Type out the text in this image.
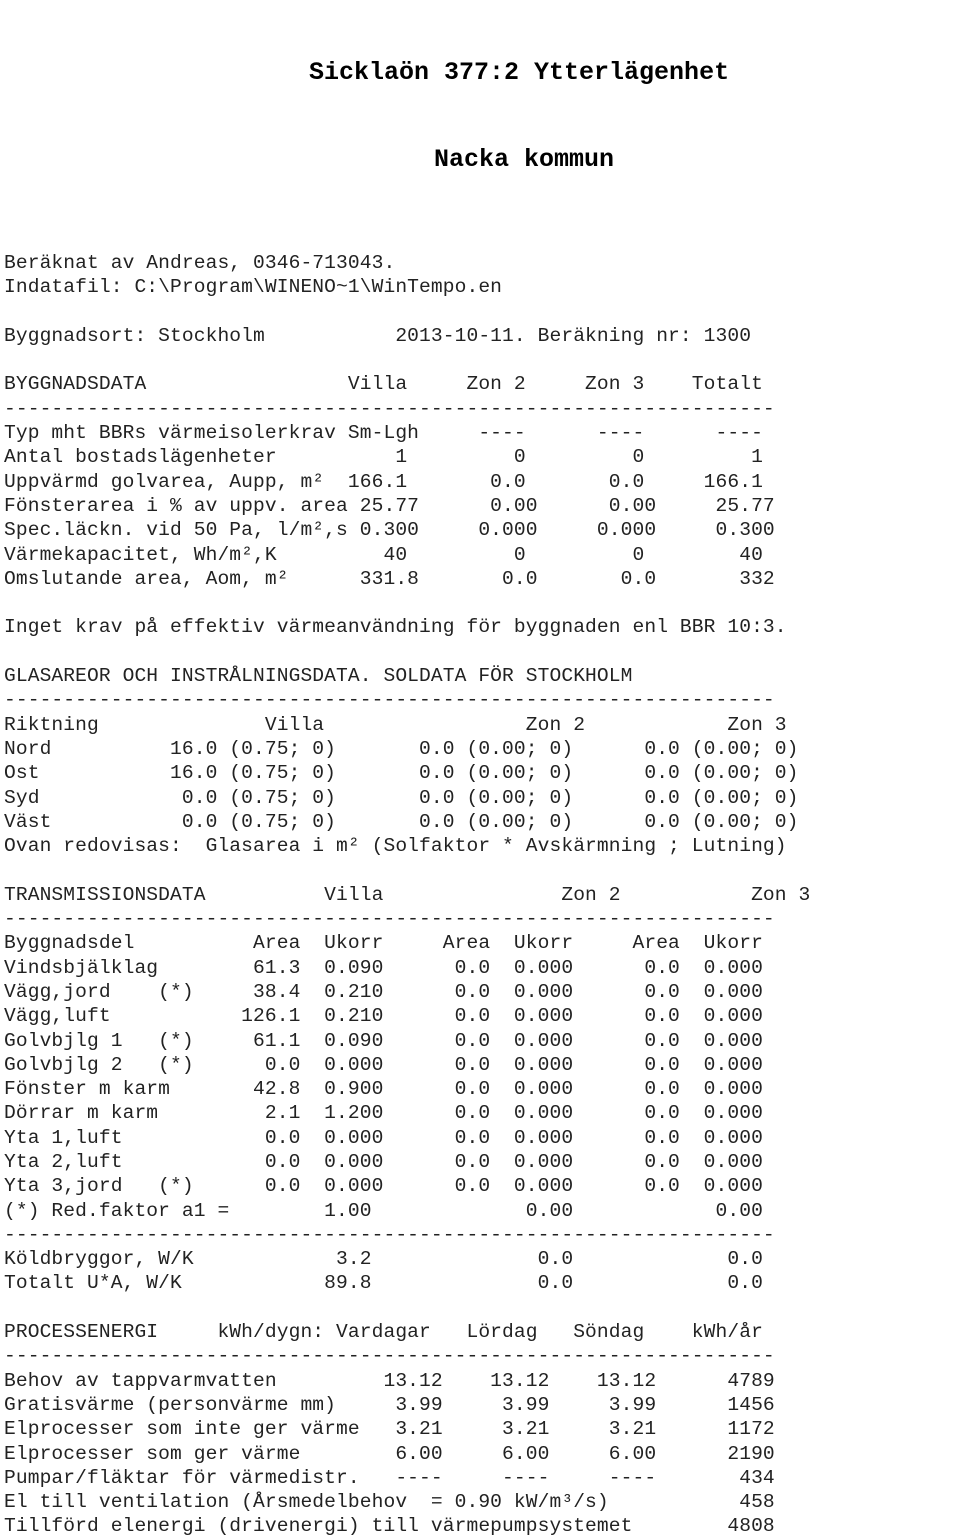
Sicklaön 377:2 Ytterlägenhet

Nacka kommun

Beräknat av Andreas, 0346-713043.
Indatafil: C:\Program\WINENO~1\WinTempo.en
Byggnadsort: Stockholm           2013-10-11. Beräkning nr: 1300
BYGGNADSDATA                 Villa     Zon 2     Zon 3    Totalt
-----------------------------------------------------------------
Typ mht BBRs värmeisolerkrav Sm-Lgh     ----      ----      ----
Antal bostadslägenheter          1         0         0         1
Uppvärmd golvarea, Aupp, m²  166.1       0.0       0.0     166.1
Fönsterarea i % av uppv. area 25.77      0.00      0.00     25.77
Spec.läckn. vid 50 Pa, l/m²,s 0.300     0.000     0.000     0.300
Värmekapacitet, Wh/m²,K         40         0         0        40
Omslutande area, Aom, m²      331.8       0.0       0.0       332
Inget krav på effektiv värmeanvändning för byggnaden enl BBR 10:3.
GLASAREOR OCH INSTRÅLNINGSDATA. SOLDATA FÖR STOCKHOLM
-----------------------------------------------------------------
Riktning              Villa                 Zon 2            Zon 3
Nord          16.0 (0.75; 0)       0.0 (0.00; 0)      0.0 (0.00; 0)
Ost           16.0 (0.75; 0)       0.0 (0.00; 0)      0.0 (0.00; 0)
Syd            0.0 (0.75; 0)       0.0 (0.00; 0)      0.0 (0.00; 0)
Väst           0.0 (0.75; 0)       0.0 (0.00; 0)      0.0 (0.00; 0)
Ovan redovisas:  Glasarea i m² (Solfaktor * Avskärmning ; Lutning)
TRANSMISSIONSDATA          Villa               Zon 2           Zon 3
-----------------------------------------------------------------
Byggnadsdel          Area  Ukorr     Area  Ukorr     Area  Ukorr
Vindsbjälklag        61.3  0.090      0.0  0.000      0.0  0.000
Vägg,jord    (*)     38.4  0.210      0.0  0.000      0.0  0.000
Vägg,luft           126.1  0.210      0.0  0.000      0.0  0.000
Golvbjlg 1   (*)     61.1  0.090      0.0  0.000      0.0  0.000
Golvbjlg 2   (*)      0.0  0.000      0.0  0.000      0.0  0.000
Fönster m karm       42.8  0.900      0.0  0.000      0.0  0.000
Dörrar m karm         2.1  1.200      0.0  0.000      0.0  0.000
Yta 1,luft            0.0  0.000      0.0  0.000      0.0  0.000
Yta 2,luft            0.0  0.000      0.0  0.000      0.0  0.000
Yta 3,jord   (*)      0.0  0.000      0.0  0.000      0.0  0.000
(*) Red.faktor a1 =        1.00             0.00            0.00
-----------------------------------------------------------------
Köldbryggor, W/K            3.2              0.0             0.0
Totalt U*A, W/K            89.8              0.0             0.0
PROCESSENERGI     kWh/dygn: Vardagar   Lördag   Söndag    kWh/år
-----------------------------------------------------------------
Behov av tappvarmvatten         13.12    13.12    13.12      4789
Gratisvärme (personvärme mm)     3.99     3.99     3.99      1456
Elprocesser som inte ger värme   3.21     3.21     3.21      1172
Elprocesser som ger värme        6.00     6.00     6.00      2190
Pumpar/fläktar för värmedistr.   ----     ----     ----       434
El till ventilation (Årsmedelbehov  = 0.90 kW/m³/s)           458
Tillförd elenergi (drivenergi) till värmepumpsystemet        4808
